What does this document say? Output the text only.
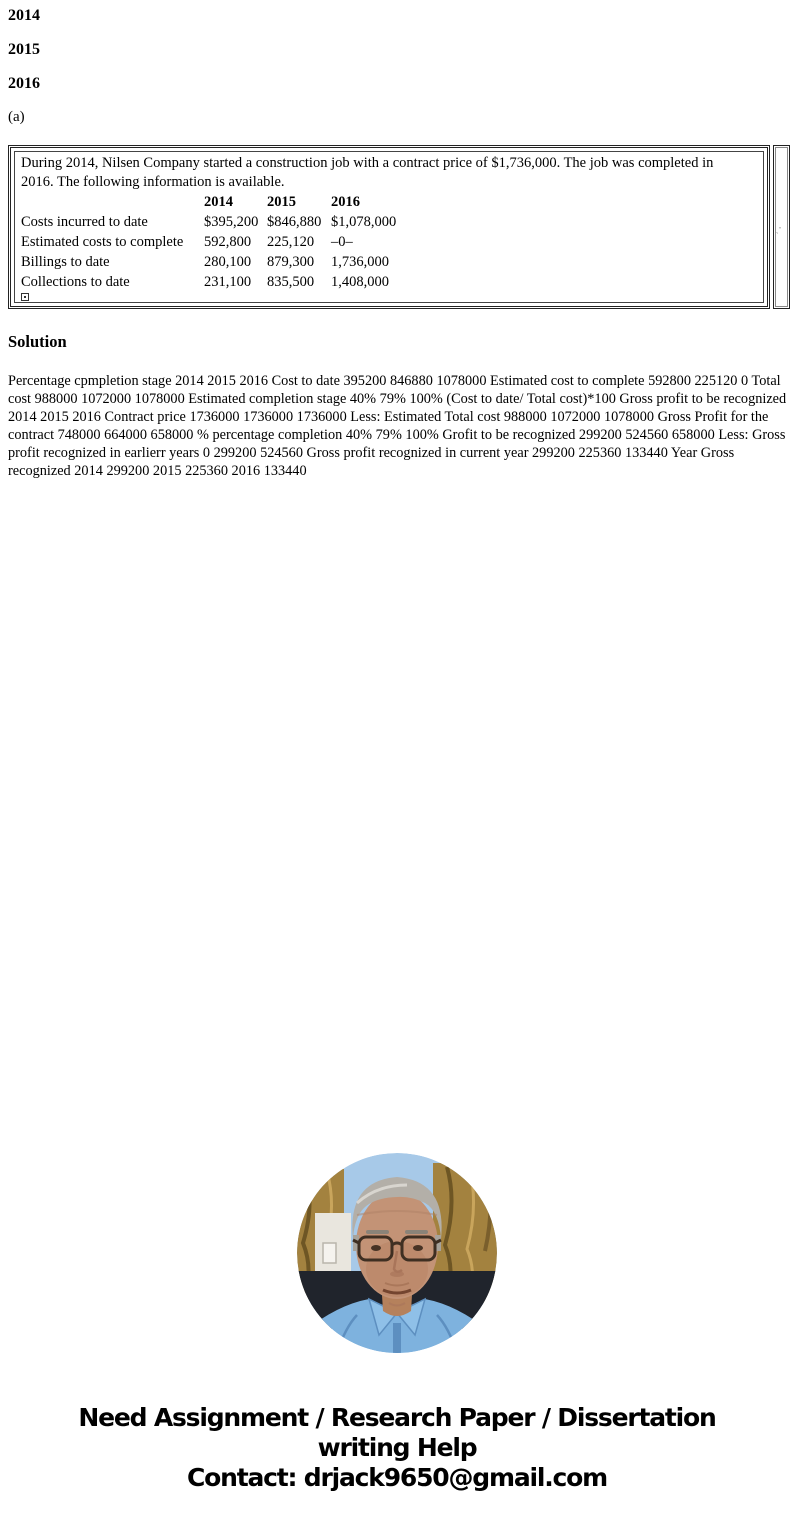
2014
2015
2016
(a)

During 2014, Nilsen Company started a construction job with a contract price of $1,736,000. The job was completed in 2016. The following information is available.

2014	2015	2016
Costs incurred to date	$395,200 $846,880 $1,078,000
Estimated costs to complete	592,800	225,120	–0–
Billings to date	280,100	879,300	1,736,000
Collections to date	231,100	835,500	1,408,000
ˏ'
Solution
Percentage cpmpletion stage 2014 2015 2016 Cost to date 395200 846880 1078000 Estimated cost to complete 592800 225120 0 Total cost 988000 1072000 1078000 Estimated completion stage 40% 79% 100% (Cost to date/ Total cost)*100 Gross profit to be recognized 2014 2015 2016 Contract price 1736000 1736000 1736000 Less: Estimated Total cost 988000 1072000 1078000 Gross Profit for the contract 748000 664000 658000 % percentage completion 40% 79% 100% Grofit to be recognized 299200 524560 658000 Less: Gross profit recognized in earlierr years 0 299200 524560 Gross profit recognized in current year 299200 225360 133440 Year Gross recognized 2014 299200 2015 225360 2016 133440
Need Assignment / Research Paper / Dissertation
writing Help
Contact: drjack9650@gmail.com
